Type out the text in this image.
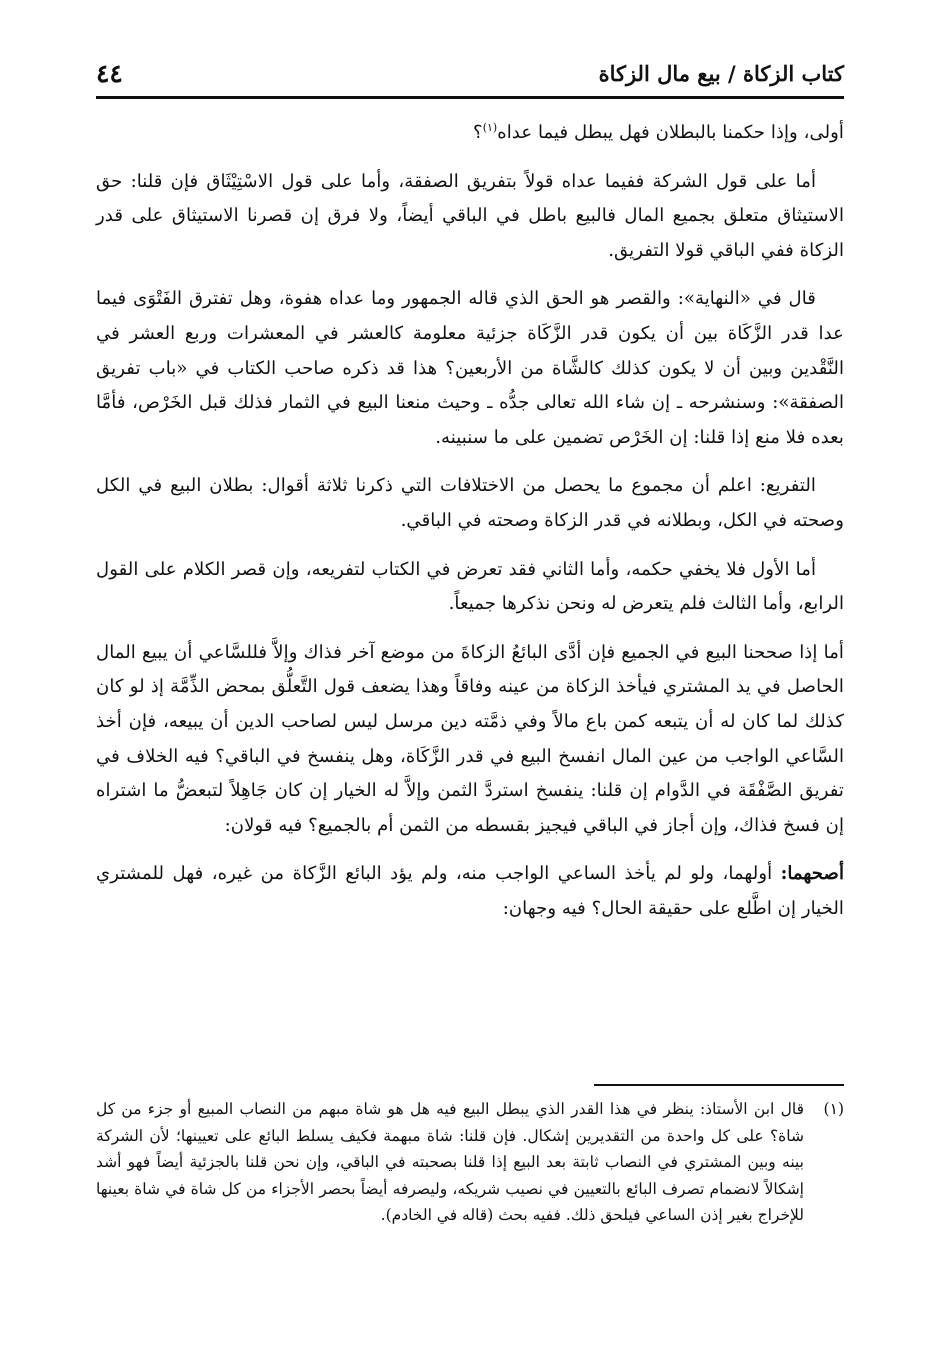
كتاب الزكاة / بيع مال الزكاة
٤٤

أولى، وإذا حكمنا بالبطلان فهل يبطل فيما عداه$^{(١)}$؟

أما على قول الشركة ففيما عداه قولاً بتفريق الصفقة، وأما على قول الاسْتِيْثَاق فإن قلنا: حق الاستيثاق متعلق بجميع المال فالبيع باطل في الباقي أيضاً، ولا فرق إن قصرنا الاستيثاق على قدر الزكاة ففي الباقي قولا التفريق.

قال في «النهاية»: والقصر هو الحق الذي قاله الجمهور وما عداه هفوة، وهل تفترق الفَتْوَى فيما عدا قدر الزَّكَاة بين أن يكون قدر الزَّكَاة جزئية معلومة كالعشر في المعشرات وربع العشر في النَّقْدين وبين أن لا يكون كذلك كالشَّاة من الأربعين؟ هذا قد ذكره صاحب الكتاب في «باب تفريق الصفقة»: وسنشرحه ـ إن شاء الله تعالى جدُّه ـ وحيث منعنا البيع في الثمار فذلك قبل الخَرْص، فأمَّا بعده فلا منع إذا قلنا: إن الخَرْص تضمين على ما سنبينه.

التفريع: اعلم أن مجموع ما يحصل من الاختلافات التي ذكرنا ثلاثة أقوال: بطلان البيع في الكل وصحته في الكل، وبطلانه في قدر الزكاة وصحته في الباقي.

أما الأول فلا يخفي حكمه، وأما الثاني فقد تعرض في الكتاب لتفريعه، وإن قصر الكلام على القول الرابع، وأما الثالث فلم يتعرض له ونحن نذكرها جميعاً.

أما إذا صححنا البيع في الجميع فإن أدَّى البائعُ الزكاةَ من موضع آخر فذاك وإلاَّ فللسَّاعي أن يبيع المال الحاصل في يد المشتري فيأخذ الزكاة من عينه وفاقاً وهذا يضعف قول التَّعلُّق بمحض الذِّمَّة إذ لو كان كذلك لما كان له أن يتبعه كمن باع مالاً وفي ذمَّته دين مرسل ليس لصاحب الدين أن يبيعه، فإن أخذ السَّاعي الواجب من عين المال انفسخ البيع في قدر الزَّكَاة، وهل ينفسخ في الباقي؟ فيه الخلاف في تفريق الصَّفْقَة في الدَّوام إن قلنا: ينفسخ استردَّ الثمن وإلاَّ له الخيار إن كان جَاهِلاً لتبعضُّ ما اشتراه إن فسخ فذاك، وإن أجاز في الباقي فيجيز بقسطه من الثمن أم بالجميع؟ فيه قولان:

أصحهما: أولهما، ولو لم يأخذ الساعي الواجب منه، ولم يؤد البائع الزَّكاة من غيره، فهل للمشتري الخيار إن اطَّلع على حقيقة الحال؟ فيه وجهان:

(١)
قال ابن الأستاذ: ينظر في هذا القدر الذي يبطل البيع فيه هل هو شاة مبهم من النصاب المبيع أو جزء من كل شاة؟ على كل واحدة من التقديرين إشكال. فإن قلنا: شاة مبهمة فكيف يسلط البائع على تعيينها؛ لأن الشركة بينه وبين المشتري في النصاب ثابتة بعد البيع إذا قلنا بصحبته في الباقي، وإن نحن قلنا بالجزئية أيضاً فهو أشد إشكالاً لانضمام تصرف البائع بالتعيين في نصيب شريكه، وليصرفه أيضاً بحصر الأجزاء من كل شاة في شاة بعينها للإخراج بغير إذن الساعي فيلحق ذلك. ففيه بحث (قاله في الخادم).
